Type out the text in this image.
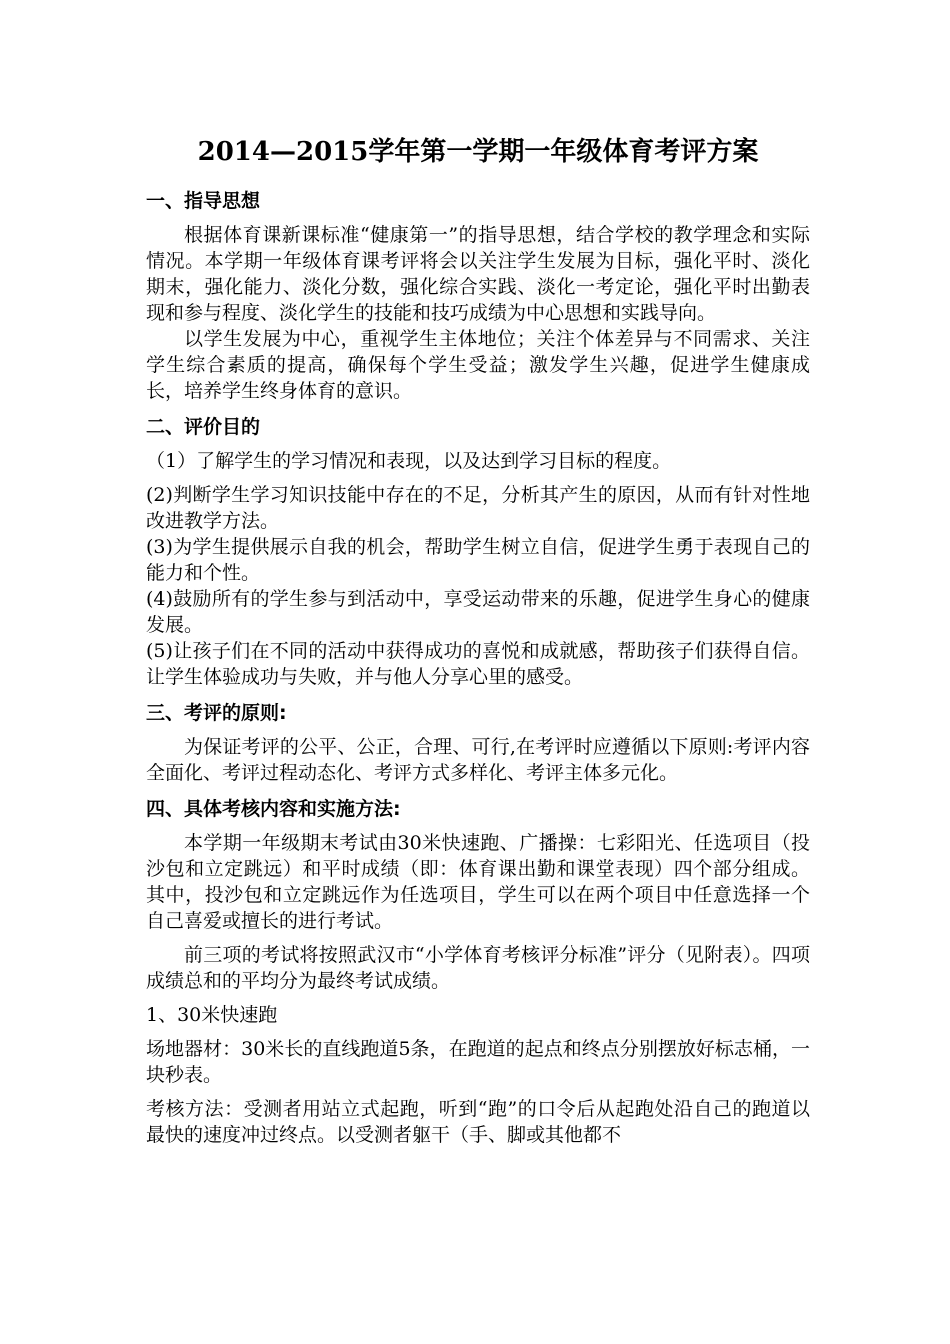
2014—2015学年第一学期一年级体育考评方案
一、指导思想

根据体育课新课标准“健康第一”的指导思想，结合学校的教学理念和实际情况。本学期一年级体育课考评将会以关注学生发展为目标，强化平时、淡化期末，强化能力、淡化分数，强化综合实践、淡化一考定论，强化平时出勤表现和参与程度、淡化学生的技能和技巧成绩为中心思想和实践导向。

以学生发展为中心，重视学生主体地位；关注个体差异与不同需求、关注学生综合素质的提高，确保每个学生受益；激发学生兴趣，促进学生健康成长，培养学生终身体育的意识。

二、评价目的

（1）了解学生的学习情况和表现，以及达到学习目标的程度。

(2)判断学生学习知识技能中存在的不足，分析其产生的原因，从而有针对性地改进教学方法。

(3)为学生提供展示自我的机会，帮助学生树立自信，促进学生勇于表现自己的能力和个性。

(4)鼓励所有的学生参与到活动中，享受运动带来的乐趣，促进学生身心的健康发展。

(5)让孩子们在不同的活动中获得成功的喜悦和成就感，帮助孩子们获得自信。让学生体验成功与失败，并与他人分享心里的感受。

三、考评的原则:

为保证考评的公平、公正，合理、可行,在考评时应遵循以下原则:考评内容全面化、考评过程动态化、考评方式多样化、考评主体多元化。

四、具体考核内容和实施方法:

本学期一年级期末考试由30米快速跑、广播操：七彩阳光、任选项目（投沙包和立定跳远）和平时成绩（即：体育课出勤和课堂表现）四个部分组成。其中，投沙包和立定跳远作为任选项目，学生可以在两个项目中任意选择一个自己喜爱或擅长的进行考试。

前三项的考试将按照武汉市“小学体育考核评分标准”评分（见附表）。四项成绩总和的平均分为最终考试成绩。

1、30米快速跑

场地器材：30米长的直线跑道5条，在跑道的起点和终点分别摆放好标志桶，一块秒表。

考核方法：受测者用站立式起跑，听到“跑”的口令后从起跑处沿自己的跑道以最快的速度冲过终点。以受测者躯干（手、脚或其他都不
